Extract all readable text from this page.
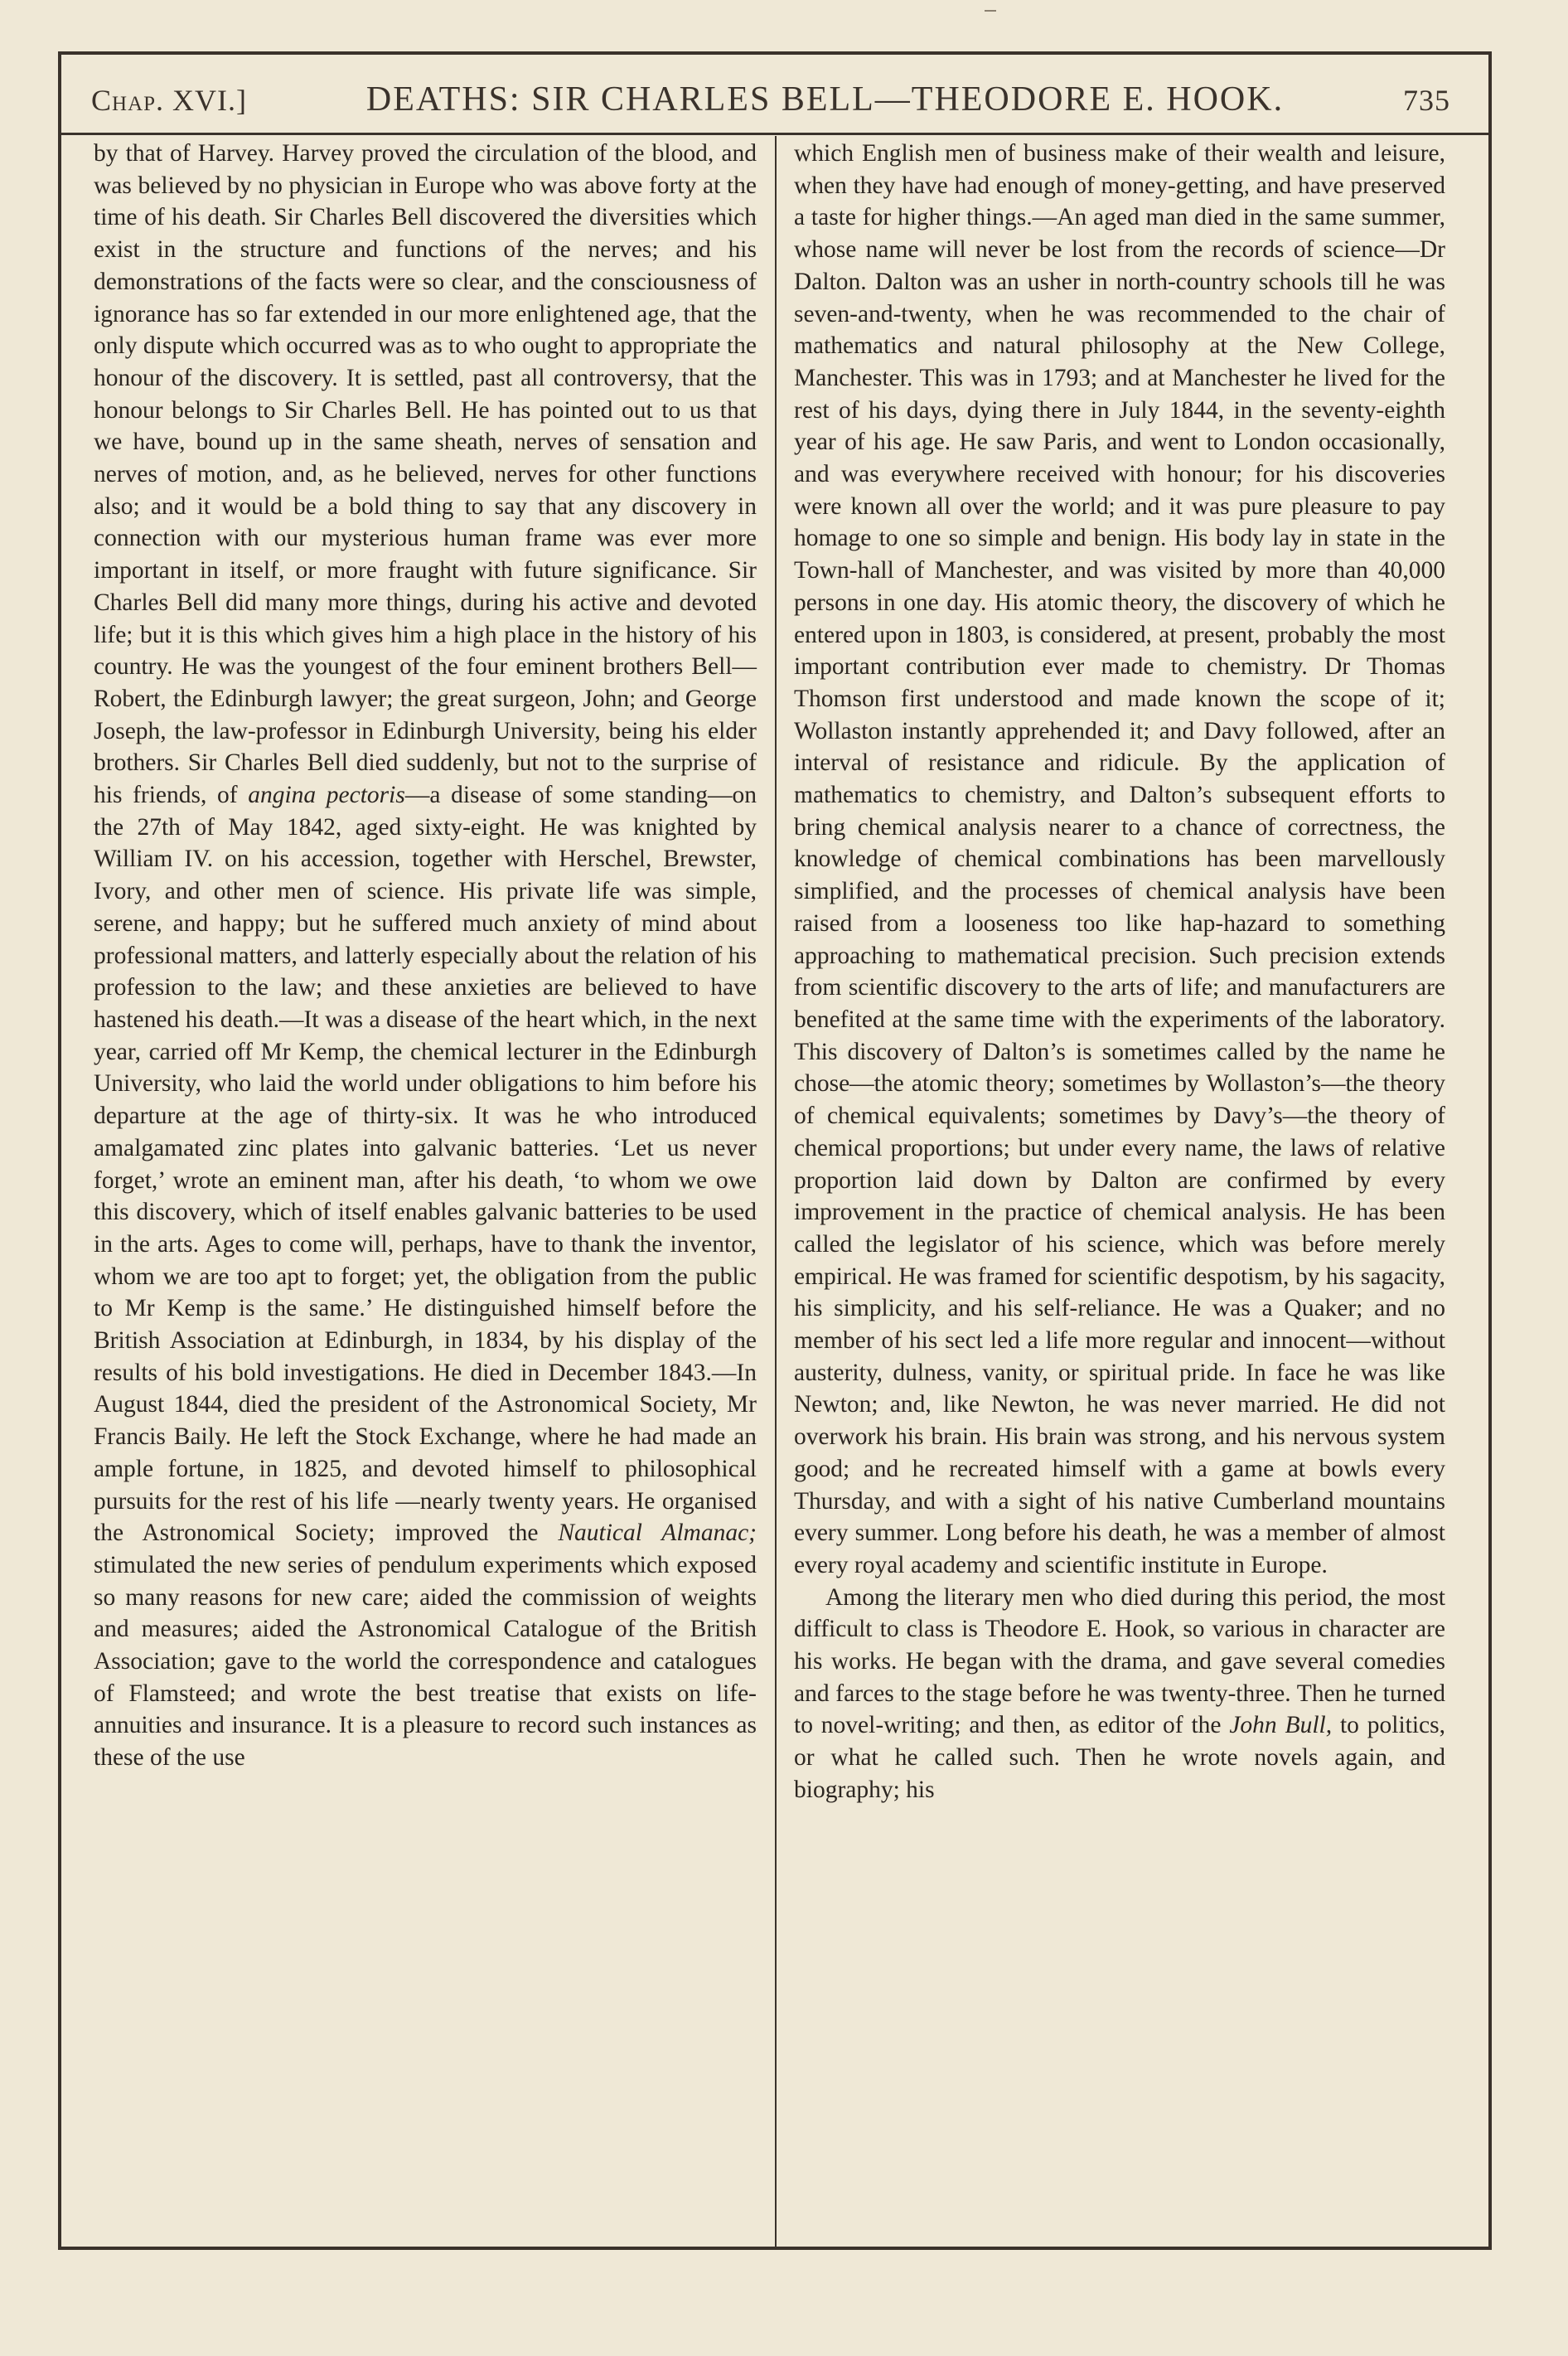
Chap. XVI.]	DEATHS: SIR CHARLES BELL—THEODORE E. HOOK.	735

by that of Harvey. Harvey proved the circulation of the blood, and was believed by no physician in Europe who was above forty at the time of his death. Sir Charles Bell discovered the diversities which exist in the structure and functions of the nerves; and his demonstrations of the facts were so clear, and the consciousness of ignorance has so far extended in our more enlightened age, that the only dispute which occurred was as to who ought to appropriate the honour of the discovery. It is settled, past all controversy, that the honour belongs to Sir Charles Bell. He has pointed out to us that we have, bound up in the same sheath, nerves of sensation and nerves of motion, and, as he believed, nerves for other functions also; and it would be a bold thing to say that any discovery in connection with our mysterious human frame was ever more important in itself, or more fraught with future significance. Sir Charles Bell did many more things, during his active and devoted life; but it is this which gives him a high place in the history of his country. He was the youngest of the four eminent brothers Bell—Robert, the Edinburgh lawyer; the great surgeon, John; and George Joseph, the law-professor in Edinburgh University, being his elder brothers. Sir Charles Bell died suddenly, but not to the surprise of his friends, of angina pectoris—a disease of some standing—on the 27th of May 1842, aged sixty-eight. He was knighted by William IV. on his accession, together with Herschel, Brewster, Ivory, and other men of science. His private life was simple, serene, and happy; but he suffered much anxiety of mind about professional matters, and latterly especially about the relation of his profession to the law; and these anxieties are believed to have hastened his death.—It was a disease of the heart which, in the next year, carried off Mr Kemp, the chemical lecturer in the Edinburgh University, who laid the world under obligations to him before his departure at the age of thirty-six. It was he who introduced amalgamated zinc plates into galvanic batteries. ‘Let us never forget,’ wrote an eminent man, after his death, ‘to whom we owe this discovery, which of itself enables galvanic batteries to be used in the arts. Ages to come will, perhaps, have to thank the inventor, whom we are too apt to forget; yet, the obligation from the public to Mr Kemp is the same.’ He distinguished himself before the British Association at Edinburgh, in 1834, by his display of the results of his bold investigations. He died in December 1843.—In August 1844, died the president of the Astronomical Society, Mr Francis Baily. He left the Stock Exchange, where he had made an ample fortune, in 1825, and devoted himself to philosophical pursuits for the rest of his life —nearly twenty years. He organised the Astronomical Society; improved the Nautical Almanac; stimulated the new series of pendulum experiments which exposed so many reasons for new care; aided the commission of weights and measures; aided the Astronomical Catalogue of the British Association; gave to the world the correspondence and catalogues of Flamsteed; and wrote the best treatise that exists on life-annuities and insurance. It is a pleasure to record such instances as these of the use

which English men of business make of their wealth and leisure, when they have had enough of money-getting, and have preserved a taste for higher things.—An aged man died in the same summer, whose name will never be lost from the records of science—Dr Dalton. Dalton was an usher in north-country schools till he was seven-and-twenty, when he was recommended to the chair of mathematics and natural philosophy at the New College, Manchester. This was in 1793; and at Manchester he lived for the rest of his days, dying there in July 1844, in the seventy-eighth year of his age. He saw Paris, and went to London occasionally, and was everywhere received with honour; for his discoveries were known all over the world; and it was pure pleasure to pay homage to one so simple and benign. His body lay in state in the Town-hall of Manchester, and was visited by more than 40,000 persons in one day. His atomic theory, the discovery of which he entered upon in 1803, is considered, at present, probably the most important contribution ever made to chemistry. Dr Thomas Thomson first understood and made known the scope of it; Wollaston instantly apprehended it; and Davy followed, after an interval of resistance and ridicule. By the application of mathematics to chemistry, and Dalton’s subsequent efforts to bring chemical analysis nearer to a chance of correctness, the knowledge of chemical combinations has been marvellously simplified, and the processes of chemical analysis have been raised from a looseness too like hap-hazard to something approaching to mathematical precision. Such precision extends from scientific discovery to the arts of life; and manufacturers are benefited at the same time with the experiments of the laboratory. This discovery of Dalton’s is sometimes called by the name he chose—the atomic theory; sometimes by Wollaston’s—the theory of chemical equivalents; sometimes by Davy’s—the theory of chemical proportions; but under every name, the laws of relative proportion laid down by Dalton are confirmed by every improvement in the practice of chemical analysis. He has been called the legislator of his science, which was before merely empirical. He was framed for scientific despotism, by his sagacity, his simplicity, and his self-reliance. He was a Quaker; and no member of his sect led a life more regular and innocent—without austerity, dulness, vanity, or spiritual pride. In face he was like Newton; and, like Newton, he was never married. He did not overwork his brain. His brain was strong, and his nervous system good; and he recreated himself with a game at bowls every Thursday, and with a sight of his native Cumberland mountains every summer. Long before his death, he was a member of almost every royal academy and scientific institute in Europe.

Among the literary men who died during this period, the most difficult to class is Theodore E. Hook, so various in character are his works. He began with the drama, and gave several comedies and farces to the stage before he was twenty-three. Then he turned to novel-writing; and then, as editor of the John Bull, to politics, or what he called such. Then he wrote novels again, and biography; his
